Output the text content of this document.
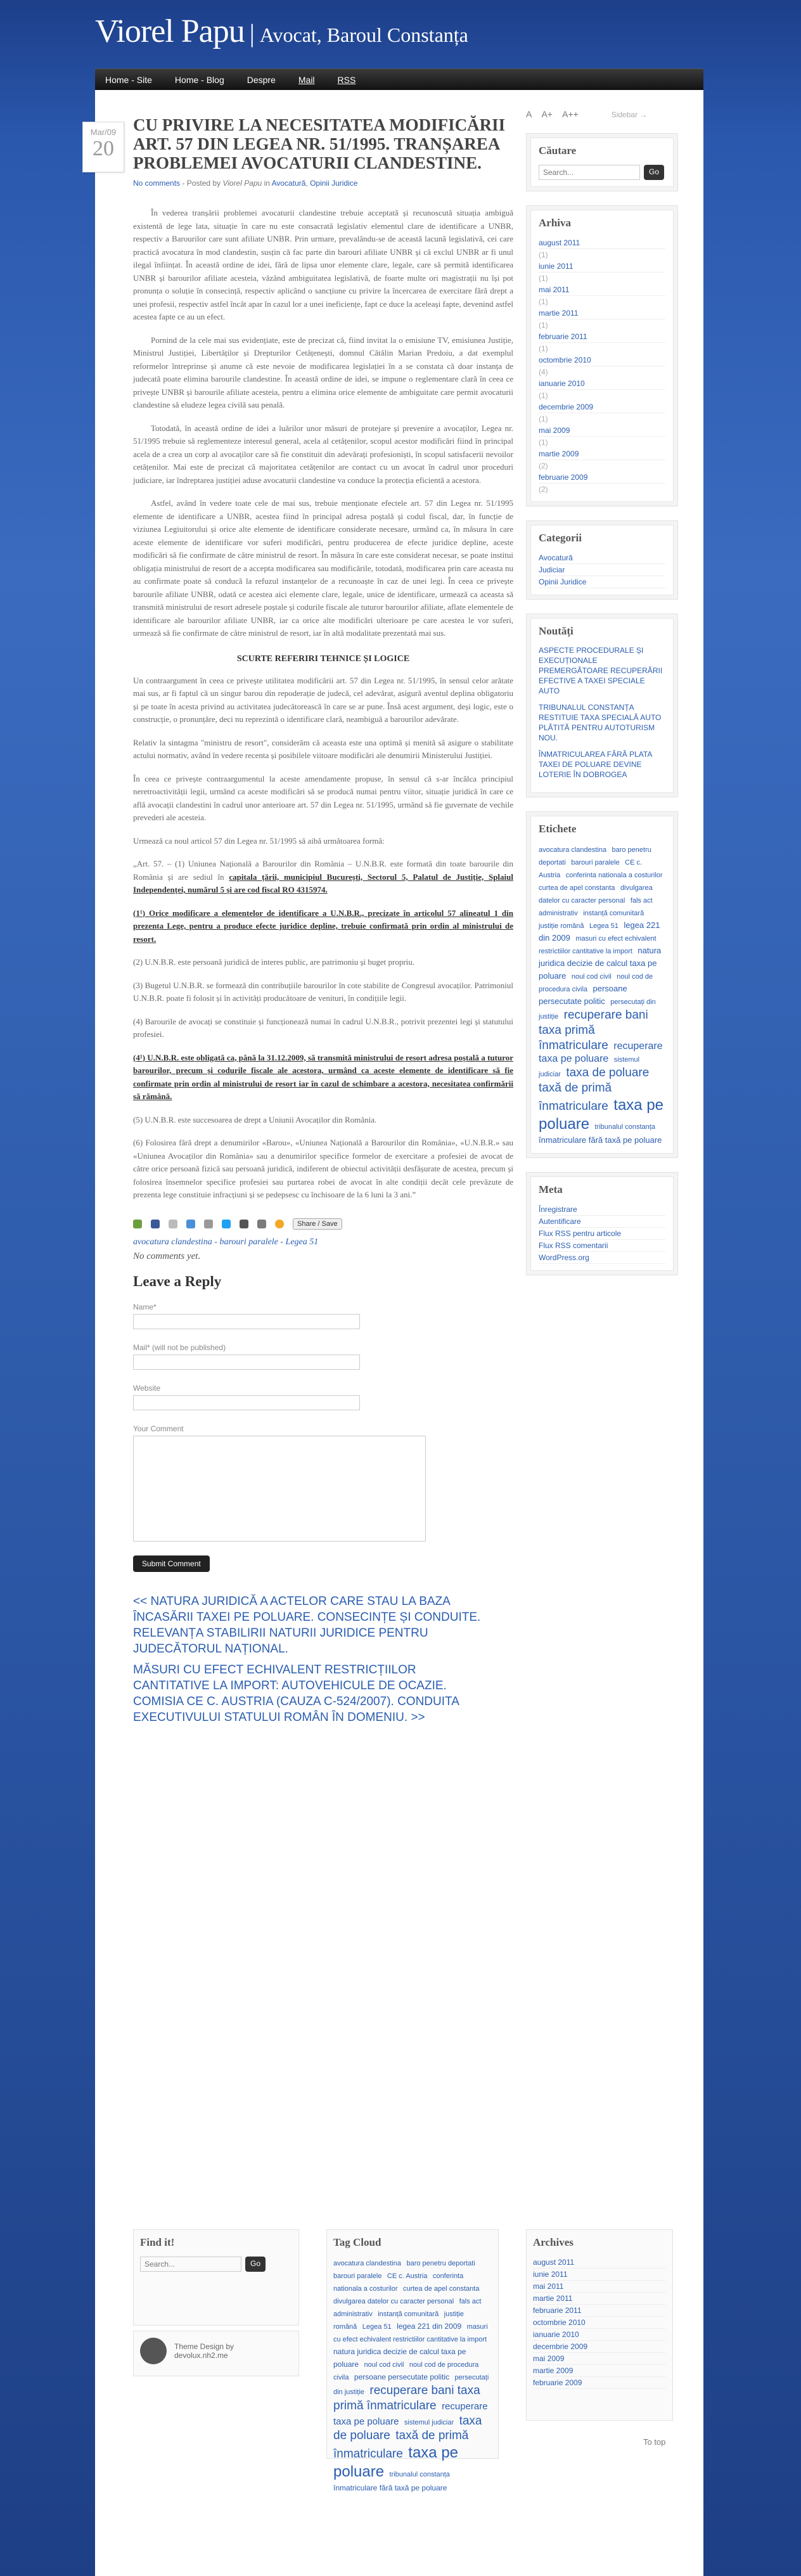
Viorel Papu | Avocat, Baroul Constanța
Home - Site	Home - Blog	Despre	Mail	RSS
Mar/09
20
CU PRIVIRE LA NECESITATEA MODIFICĂRII ART. 57 DIN LEGEA NR. 51/1995. TRANȘAREA PROBLEMEI AVOCATURII CLANDESTINE.
No comments - Posted by Viorel Papu in Avocatură, Opinii Juridice

În vederea tranșării problemei avocaturii clandestine trebuie acceptată și recunoscută situația ambiguă existentă de lege lata, situație în care nu este consacrată legislativ elementul clare de identificare a UNBR, respectiv a Barourilor care sunt afiliate UNBR. Prin urmare, prevalându-se de această lacună legislativă, cei care practică avocatura în mod clandestin, susțin că fac parte din barouri afiliate UNBR și că exclul UNBR ar fi unul ilegal înființat. În această ordine de idei, fără de lipsa unor elemente clare, legale, care să permită identificarea UNBR și barourilor afiliate acesteia, văzând ambiguitatea legislativă, de foarte multe ori magistrații nu își pot pronunța o soluție în consecință, respectiv aplicând o sancțiune cu privire la încercarea de exercitare fără drept a unei profesii, respectiv astfel încât apar în cazul lor a unei ineficiențe, fapt ce duce la aceleași fapte, devenind astfel acestea fapte ce au un efect.

Pornind de la cele mai sus evidențiate, este de precizat că, fiind invitat la o emisiune TV, emisiunea Justiție, Ministrul Justiției, Libertăților și Drepturilor Cetățenești, domnul Cătălin Marian Predoiu, a dat exemplul reformelor întreprinse și anume că este nevoie de modificarea legislației în a se constata că doar instanța de judecată poate elimina barourile clandestine. În această ordine de idei, se impune o reglementare clară în ceea ce privește UNBR și barourile afiliate acesteia, pentru a elimina orice elemente de ambiguitate care permit avocaturii clandestine să eludeze legea civilă sau penală.

Totodată, în această ordine de idei a luărilor unor măsuri de protejare și prevenire a avocaților, Legea nr. 51/1995 trebuie să reglementeze interesul general, acela al cetățenilor, scopul acestor modificări fiind în principal acela de a crea un corp al avocaților care să fie constituit din adevărați profesioniști, în scopul satisfacerii nevoilor cetățenilor. Mai este de precizat că majoritatea cetățenilor are contact cu un avocat în cadrul unor proceduri judiciare, iar îndreptarea justiției aduse avocaturii clandestine va conduce la protecția eficientă a acestora.

Astfel, având în vedere toate cele de mai sus, trebuie menționate efectele art. 57 din Legea nr. 51/1995 elemente de identificare a UNBR, acestea fiind în principal adresa poștală și codul fiscal, dar, în funcție de viziunea Legiuitorului și orice alte elemente de identificare considerate necesare, urmând ca, în măsura în care aceste elemente de identificare vor suferi modificări, pentru producerea de efecte juridice depline, aceste modificări să fie confirmate de către ministrul de resort. În măsura în care este considerat necesar, se poate institui obligația ministrului de resort de a accepta modificarea sau modificările, totodată, modificarea prin care aceasta nu au confirmate poate să conducă la refuzul instanțelor de a recunoaște în caz de unei legi. În ceea ce privește barourile afiliate UNBR, odată ce acestea aici elemente clare, legale, unice de identificare, urmează ca aceasta să transmită ministrului de resort adresele poștale și codurile fiscale ale tuturor barourilor afiliate, aflate elementele de identificare ale barourilor afiliate UNBR, iar ca orice alte modificări ulterioare pe care acestea le vor suferi, urmează să fie confirmate de către ministrul de resort, iar în altă modalitate prezentată mai sus.

SCURTE REFERIRI TEHNICE ȘI LOGICE

Un contraargument în ceea ce privește utilitatea modificării art. 57 din Legea nr. 51/1995, în sensul celor arătate mai sus, ar fi faptul că un singur barou din repoderație de judecă, cel adevărat, asigură aventul deplina obligatoriu și pe toate în acesta privind au activitatea judecătorească în care se ar pune. Însă acest argument, deși logic, este o construcție, o pronunțăre, deci nu reprezintă o identificare clară, neambiguă a barourilor adevărate.

Relativ la sintagma "ministru de resort", considerăm că aceasta este una optimă și menită să asigure o stabilitate actului normativ, având în vedere recenta și posibilele viitoare modificări ale denumirii Ministerului Justiției.

În ceea ce privește contraargumentul la aceste amendamente propuse, în sensul că s-ar încălca principiul neretroactivității legii, urmând ca aceste modificări să se producă numai pentru viitor, situație juridică în care ce află avocații clandestini în cadrul unor anterioare art. 57 din Legea nr. 51/1995, urmând să fie guvernate de vechile prevederi ale acesteia.

Urmează ca noul articol 57 din Legea nr. 51/1995 să aibă următoarea formă:

„Art. 57. – (1) Uniunea Națională a Barourilor din România – U.N.B.R. este formată din toate barourile din România și are sediul în capitala țării, municipiul București, Sectorul 5, Palatul de Justiție, Splaiul Independenței, numărul 5 și are cod fiscal RO 4315974.

(1¹) Orice modificare a elementelor de identificare a U.N.B.R., precizate în articolul 57 alineatul 1 din prezenta Lege, pentru a produce efecte juridice depline, trebuie confirmată prin ordin al ministrului de resort.

(2) U.N.B.R. este persoană juridică de interes public, are patrimoniu și buget propriu.

(3) Bugetul U.N.B.R. se formează din contribuțiile barourilor în cote stabilite de Congresul avocaților. Patrimoniul U.N.B.R. poate fi folosit și în activități producătoare de venituri, în condițiile legii.

(4) Barourile de avocați se constituie și funcționează numai în cadrul U.N.B.R., potrivit prezentei legi și statutului profesiei.

(4¹) U.N.B.R. este obligată ca, până la 31.12.2009, să transmită ministrului de resort adresa poștală a tuturor barourilor, precum și codurile fiscale ale acestora, urmând ca aceste elemente de identificare să fie confirmate prin ordin al ministrului de resort iar în cazul de schimbare a acestora, necesitatea confirmării să rămână.

(5) U.N.B.R. este succesoarea de drept a Uniunii Avocaților din România.

(6) Folosirea fără drept a denumirilor «Barou», «Uniunea Națională a Barourilor din România», «U.N.B.R.» sau «Uniunea Avocaților din România» sau a denumirilor specifice formelor de exercitare a profesiei de avocat de către orice persoană fizică sau persoană juridică, indiferent de obiectul activității desfășurate de acestea, precum și folosirea însemnelor specifice profesiei sau purtarea robei de avocat în alte condiții decât cele prevăzute de prezenta lege constituie infracțiuni și se pedepsesc cu închisoare de la 6 luni la 3 ani.”

Share / Save
avocatura clandestina - barouri paralele - Legea 51
No comments yet.
Leave a Reply
Name*
Mail* (will not be published)
Website
Your Comment
Submit Comment
<< NATURA JURIDICĂ A ACTELOR CARE STAU LA BAZA ÎNCASĂRII TAXEI PE POLUARE. CONSECINȚE ȘI CONDUITE. RELEVANȚA STABILIRII NATURII JURIDICE PENTRU JUDECĂTORUL NAȚIONAL.
MĂSURI CU EFECT ECHIVALENT RESTRICȚIILOR CANTITATIVE LA IMPORT: AUTOVEHICULE DE OCAZIE. COMISIA CE C. AUSTRIA (CAUZA C-524/2007). CONDUITA EXECUTIVULUI STATULUI ROMÂN ÎN DOMENIU. >>
A A+ A++	Sidebar →
Căutare
Search...	Go
Arhiva
august 2011
(1)
iunie 2011
(1)
mai 2011
(1)
martie 2011
(1)
februarie 2011
(1)
octombrie 2010
(4)
ianuarie 2010
(1)
decembrie 2009
(1)
mai 2009
(1)
martie 2009
(2)
februarie 2009
(2)
Categorii
Avocatură
Judiciar
Opinii Juridice
Noutăți
ASPECTE PROCEDURALE ȘI EXECUȚIONALE PREMERGĂTOARE RECUPERĂRII EFECTIVE A TAXEI SPECIALE AUTO
TRIBUNALUL CONSTANȚA RESTITUIE TAXA SPECIALĂ AUTO PLĂTITĂ PENTRU AUTOTURISM NOU.
ÎNMATRICULAREA FĂRĂ PLATA TAXEI DE POLUARE DEVINE LOTERIE ÎN DOBROGEA
Etichete
avocatura clandestina baro penetru deportati barouri paralele CE c. Austria conferinta nationala a costurilor curtea de apel constanta divulgarea datelor cu caracter personal fals act administrativ instanță comunitară justiție română Legea 51 legea 221 din 2009 masuri cu efect echivalent restrictiilor cantitative la import natura juridica decizie de calcul taxa pe poluare noul cod civil noul cod de procedura civila persoane persecutate politic persecutați din justiție recuperare bani taxa primă înmatriculare recuperare taxa pe poluare sistemul judiciar taxa de poluare taxă de primă înmatriculare taxa pe poluare tribunalul constanța înmatriculare fără taxă pe poluare
Meta
Înregistrare
Autentificare
Flux RSS pentru articole
Flux RSS comentarii
WordPress.org
Find it!
Search...	Go
Theme Design by devolux.nh2.me
Tag Cloud
avocatura clandestina baro penetru deportati barouri paralele CE c. Austria conferinta nationala a costurilor curtea de apel constanta divulgarea datelor cu caracter personal fals act administrativ instanță comunitară justiție română Legea 51 legea 221 din 2009 masuri cu efect echivalent restrictiilor cantitative la import natura juridica decizie de calcul taxa pe poluare noul cod civil noul cod de procedura civila persoane persecutate politic persecutați din justiție recuperare bani taxa primă înmatriculare recuperare taxa pe poluare sistemul judiciar taxa de poluare taxă de primă înmatriculare taxa pe poluare tribunalul constanța înmatriculare fără taxă pe poluare
Archives
august 2011
iunie 2011
mai 2011
martie 2011
februarie 2011
octombrie 2010
ianuarie 2010
decembrie 2009
mai 2009
martie 2009
februarie 2009
To top
